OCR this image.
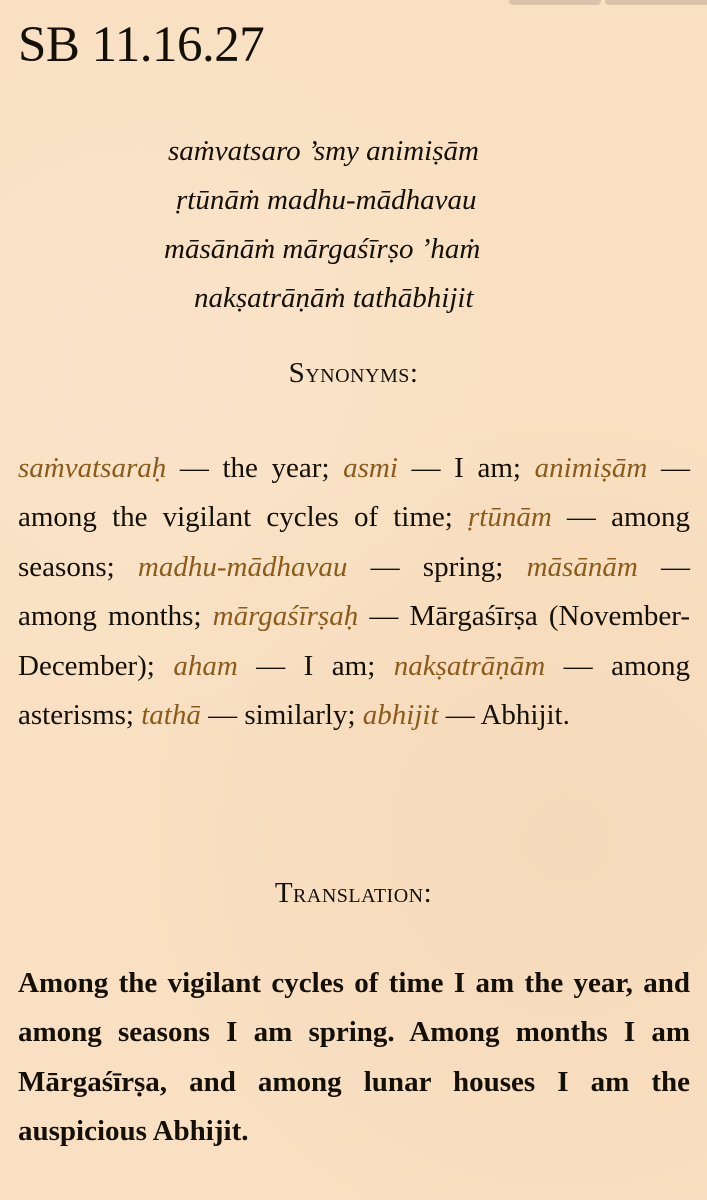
SB 11.16.27
saṁvatsaro ’smy animiṣām
ṛtūnāṁ madhu-mādhavau
māsānāṁ mārgaśīrṣo ’haṁ
nakṣatrāṇāṁ tathābhijit
Synonyms:

saṁvatsaraḥ — the year; asmi — I am; animiṣām — among the vigilant cycles of time; ṛtūnām — among seasons; madhu-mādhavau — spring; māsānām — among months; mārgaśīrṣaḥ — Mārgaśīrṣa (November-December); aham — I am; nakṣatrāṇām — among asterisms; tathā — similarly; abhijit — Abhijit.

Translation:

Among the vigilant cycles of time I am the year, and among seasons I am spring. Among months I am Mārgaśīrṣa, and among lunar houses I am the auspicious Abhijit.
